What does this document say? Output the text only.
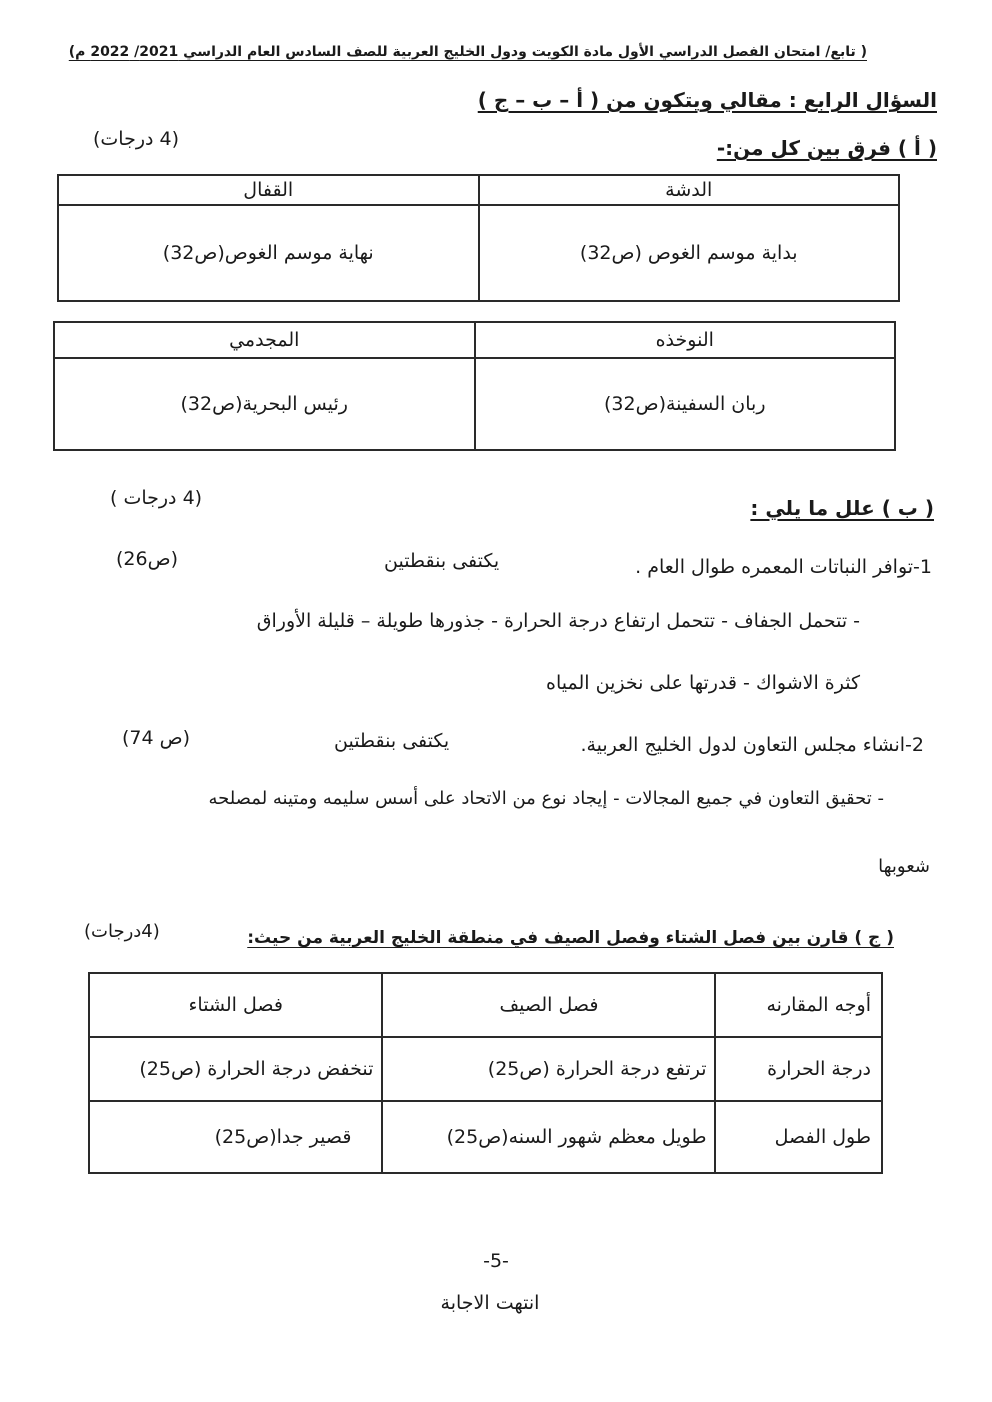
( تابع/ امتحان الفصل الدراسي الأول مادة الكويت ودول الخليج العربية للصف السادس العام الدراسي 2021/ 2022 م)
السؤال الرابع : مقالي ويتكون من ( أ – ب – ج )
( أ ) فرق بين كل من:-
(4 درجات)
الدشة	القفال
بداية موسم الغوص (ص32)	نهاية موسم الغوص(ص32)
النوخذه	المجدمي
ربان السفينة(ص32)	رئيس البحرية(ص32)
( ب ) علل ما يلي :
(4 درجات )
1-توافر النباتات المعمره طوال العام .
يكتفى بنقطتين
(ص26)
- تتحمل الجفاف - تتحمل ارتفاع درجة الحرارة - جذورها طويلة – قليلة الأوراق
كثرة الاشواك - قدرتها على نخزين المياه
2-انشاء مجلس التعاون لدول الخليج العربية.
يكتفى بنقطتين
(ص 74)
- تحقيق التعاون في جميع المجالات - إيجاد نوع من الاتحاد على أسس سليمه ومتينه لمصلحه
شعوبها
( ج ) قارن بين فصل الشتاء وفصل الصيف في منطقة الخليج العربية من حيث:
(4درجات)
أوجه المقارنه	فصل الصيف	فصل الشتاء
درجة الحرارة	ترتفع درجة الحرارة (ص25)	تنخفض درجة الحرارة (ص25)
طول الفصل	طويل معظم شهور السنه(ص25)	قصير جدا(ص25)
-5-
انتهت الاجابة
